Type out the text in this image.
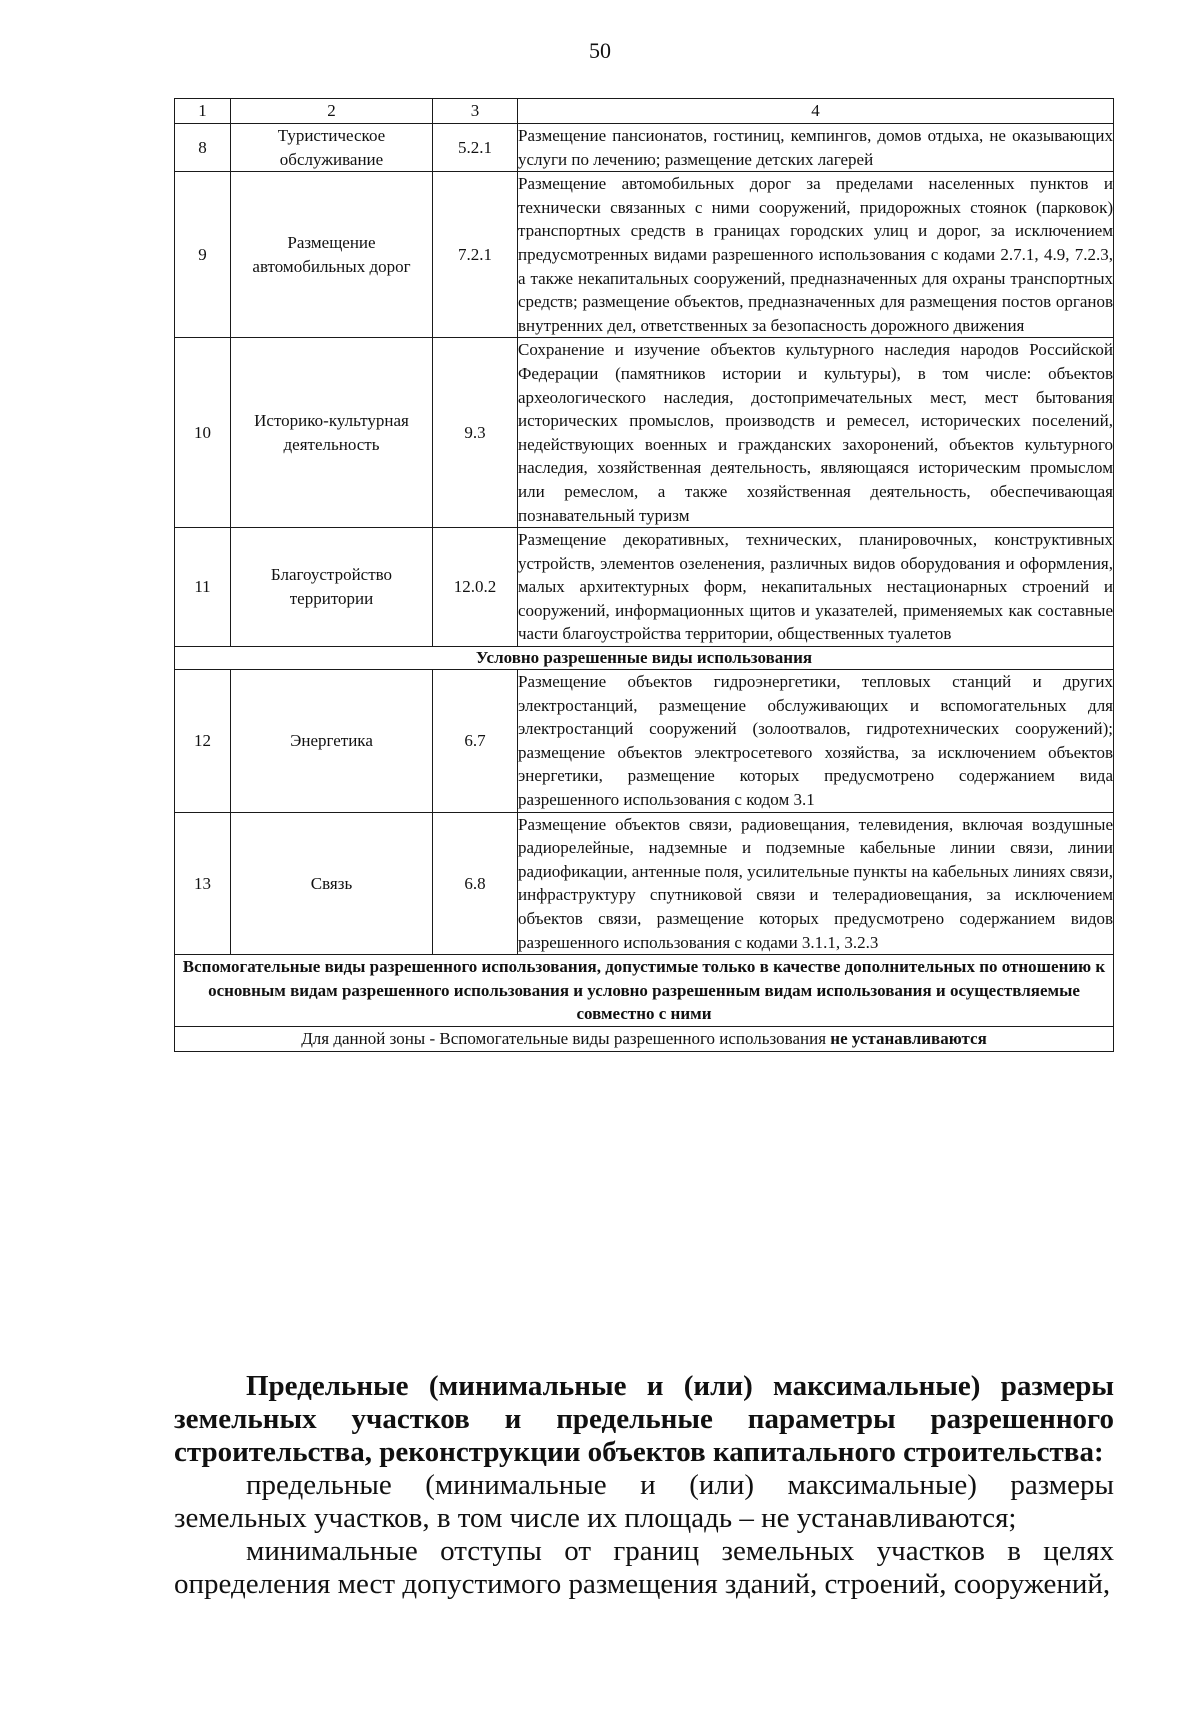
50
1	2	3	4
8	Туристическое обслуживание	5.2.1	Размещение пансионатов, гостиниц, кемпингов, домов отдыха, не оказывающих услуги по лечению; размещение детских лагерей
9	Размещение автомобильных дорог	7.2.1	Размещение автомобильных дорог за пределами населенных пунктов и технически связанных с ними сооружений, придорожных стоянок (парковок) транспортных средств в границах городских улиц и дорог, за исключением предусмотренных видами разрешенного использования с кодами 2.7.1, 4.9, 7.2.3, а также некапитальных сооружений, предназначенных для охраны транспортных средств; размещение объектов, предназначенных для размещения постов органов внутренних дел, ответственных за безопасность дорожного движения
10	Историко-культурная деятельность	9.3	Сохранение и изучение объектов культурного наследия народов Российской Федерации (памятников истории и культуры), в том числе: объектов археологического наследия, достопримечательных мест, мест бытования исторических промыслов, производств и ремесел, исторических поселений, недействующих военных и гражданских захоронений, объектов культурного наследия, хозяйственная деятельность, являющаяся историческим промыслом или ремеслом, а также хозяйственная деятельность, обеспечивающая познавательный туризм
11	Благоустройство территории	12.0.2	Размещение декоративных, технических, планировочных, конструктивных устройств, элементов озеленения, различных видов оборудования и оформления, малых архитектурных форм, некапитальных нестационарных строений и сооружений, информационных щитов и указателей, применяемых как составные части благоустройства территории, общественных туалетов
Условно разрешенные виды использования			
12	Энергетика	6.7	Размещение объектов гидроэнергетики, тепловых станций и других электростанций, размещение обслуживающих и вспомогательных для электростанций сооружений (золоотвалов, гидротехнических сооружений); размещение объектов электросетевого хозяйства, за исключением объектов энергетики, размещение которых предусмотрено содержанием вида разрешенного использования с кодом 3.1
13	Связь	6.8	Размещение объектов связи, радиовещания, телевидения, включая воздушные радиорелейные, надземные и подземные кабельные линии связи, линии радиофикации, антенные поля, усилительные пункты на кабельных линиях связи, инфраструктуру спутниковой связи и телерадиовещания, за исключением объектов связи, размещение которых предусмотрено содержанием видов разрешенного использования с кодами 3.1.1, 3.2.3
Вспомогательные виды разрешенного использования, допустимые только в качестве дополнительных по отношению к основным видам разрешенного использования и условно разрешенным видам использования и осуществляемые совместно с ними			
Для данной зоны - Вспомогательные виды разрешенного использования не устанавливаются			

Предельные (минимальные и (или) максимальные) размеры земельных участков и предельные параметры разрешенного строительства, реконструкции объектов капитального строительства:

предельные (минимальные и (или) максимальные) размеры земельных участков, в том числе их площадь – не устанавливаются;

минимальные отступы от границ земельных участков в целях определения мест допустимого размещения зданий, строений, сооружений,
